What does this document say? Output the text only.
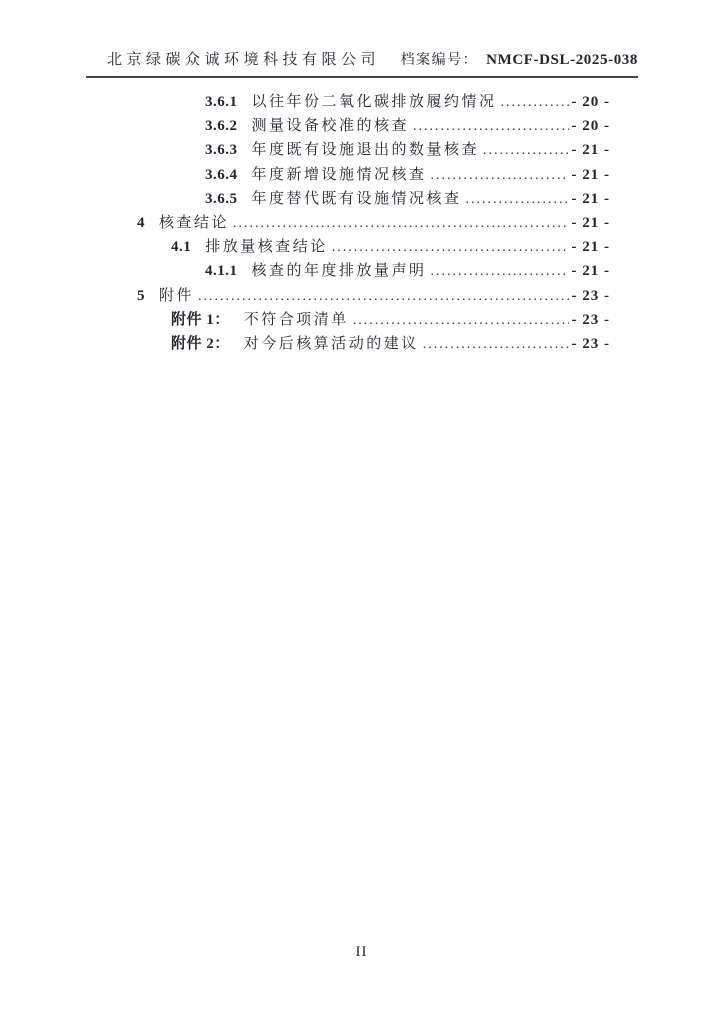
北京绿碳众诚环境科技有限公司 档案编号： NMCF-DSL-2025-038
3.6.1 以往年份二氧化碳排放履约情况 .....	- 20 -
3.6.2 测量设备校准的核查 .....	- 20 -
3.6.3 年度既有设施退出的数量核查 .....	- 21 -
3.6.4 年度新增设施情况核查 .....	- 21 -
3.6.5 年度替代既有设施情况核查 .....	- 21 -
4 核查结论 .....	- 21 -
4.1 排放量核查结论 .....	- 21 -
4.1.1 核查的年度排放量声明 .....	- 21 -
5 附件 .....	- 23 -
附件 1： 不符合项清单 .....	- 23 -
附件 2： 对今后核算活动的建议 .....	- 23 -
II
